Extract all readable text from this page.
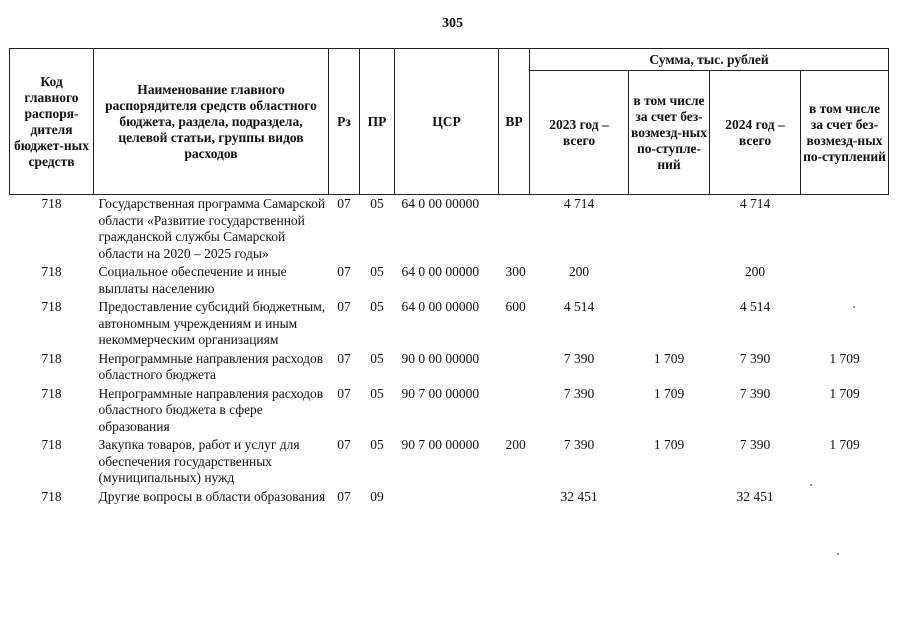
305
Код главного распоря-дителя бюджет-ных средств	Наименование главного распорядителя средств областного бюджета, раздела, подраздела, целевой статьи, группы видов расходов	Рз	ПР	ЦСР	ВР	Сумма, тыс. рублей			
						2023 год – всего	в том числе за счет без-возмезд-ных по-ступле-ний	2024 год – всего	в том числе за счет без-возмезд-ных по-ступлений
718	Государственная программа Самарской области «Развитие государственной гражданской службы Самарской области на 2020 – 2025 годы»	07	05	64 0 00 00000		4 714		4 714	
718	Социальное обеспечение и иные выплаты населению	07	05	64 0 00 00000	300	200		200	
718	Предоставление субсидий бюджетным, автономным учреждениям и иным некоммерческим организациям	07	05	64 0 00 00000	600	4 514		4 514	
718	Непрограммные направления расходов областного бюджета	07	05	90 0 00 00000		7 390	1 709	7 390	1 709
718	Непрограммные направления расходов областного бюджета в сфере образования	07	05	90 7 00 00000		7 390	1 709	7 390	1 709
718	Закупка товаров, работ и услуг для обеспечения государственных (муниципальных) нужд	07	05	90 7 00 00000	200	7 390	1 709	7 390	1 709
718	Другие вопросы в области образования	07	09			32 451		32 451	
